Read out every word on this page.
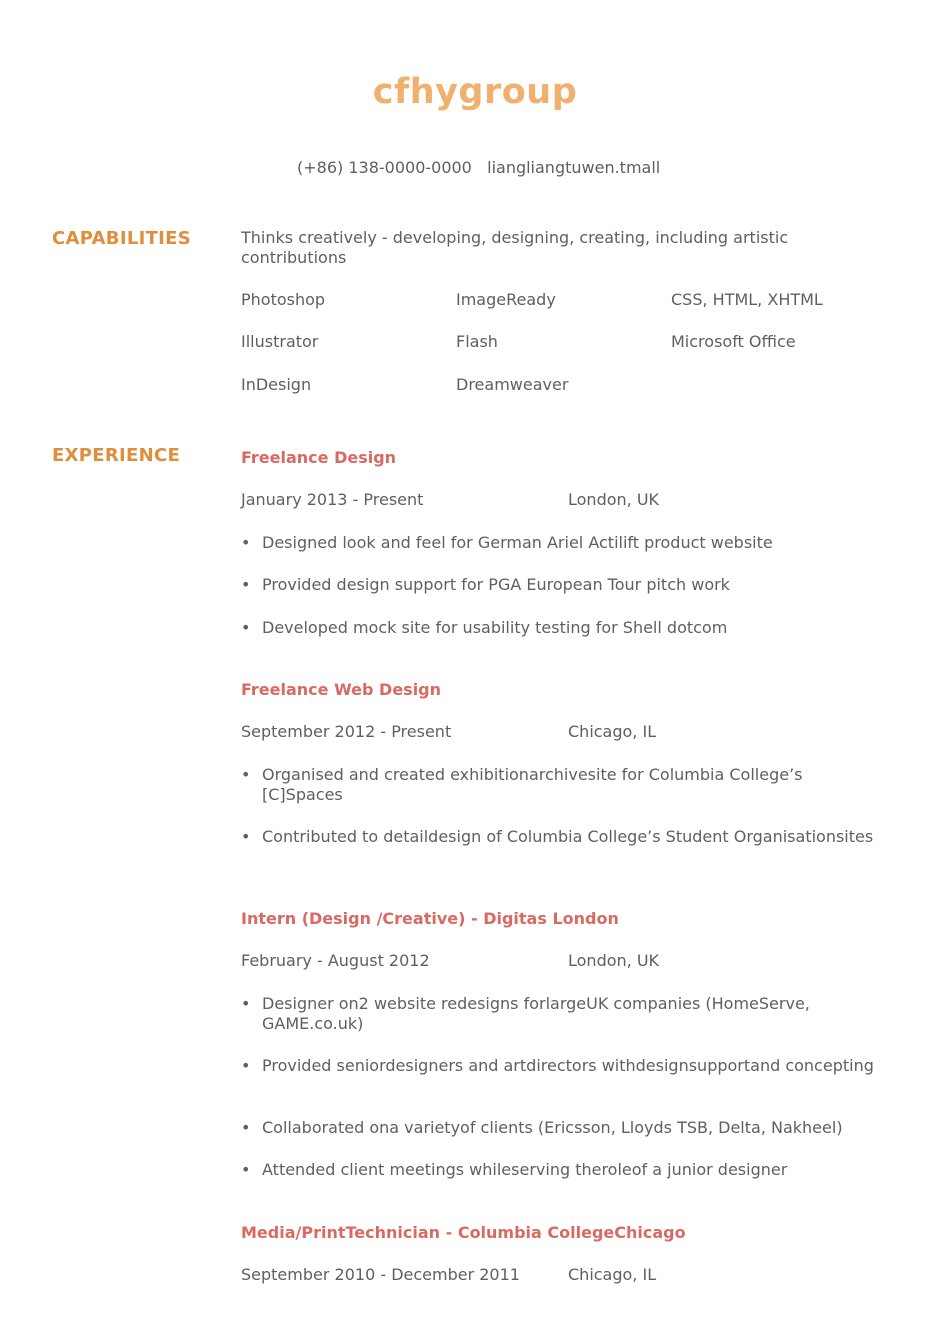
cfhygroup
(+86) 138-0000-0000   liangliangtuwen.tmall
CAPABILITIES	Thinks creatively - developing, designing, creating, including artistic contributions
Photoshop	ImageReady	CSS, HTML, XHTML
Illustrator	Flash	Microsoft Office
InDesign	Dreamweaver
EXPERIENCE	Freelance Design
January 2013 - Present	London, UK
• Designed look and feel for German Ariel Actilift product website
• Provided design support for PGA European Tour pitch work
• Developed mock site for usability testing for Shell dotcom
Freelance Web Design
September 2012 - Present	Chicago, IL
• Organised and created exhibitionarchivesite for Columbia College’s [C]Spaces
• Contributed to detaildesign of Columbia College’s Student Organisationsites
Intern (Design /Creative) - Digitas London
February - August 2012	London, UK
• Designer on2 website redesigns forlargeUK companies (HomeServe, GAME.co.uk)
• Provided seniordesigners and artdirectors withdesignsupportand concepting
• Collaborated ona varietyof clients (Ericsson, Lloyds TSB, Delta, Nakheel)
• Attended client meetings whileserving theroleof a junior designer
Media/PrintTechnician - Columbia CollegeChicago
September 2010 - December 2011	Chicago, IL
